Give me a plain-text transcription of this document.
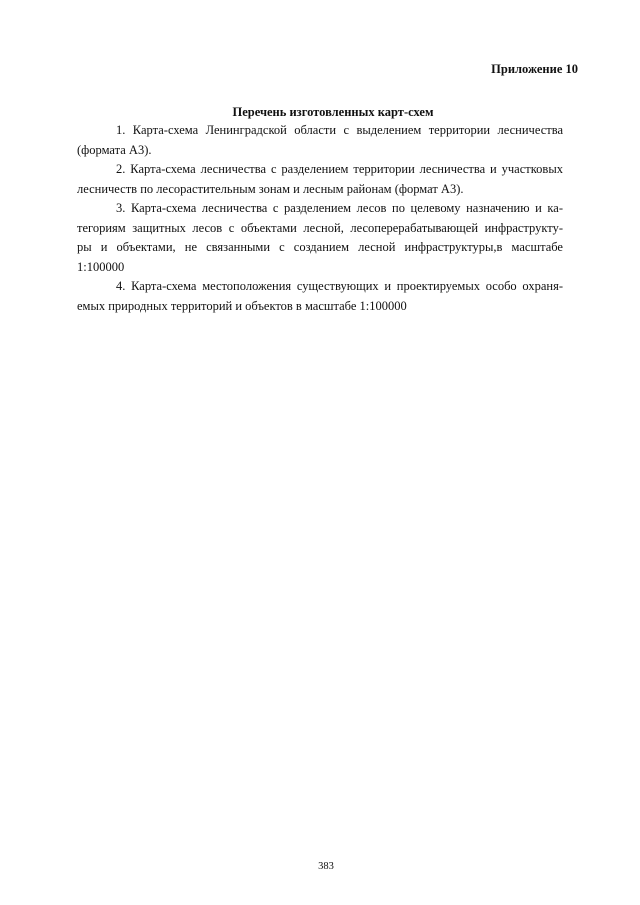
Приложение 10
Перечень изготовленных карт-схем

1. Карта-схема Ленинградской области с выделением территории лесничества
(формата А3).

2. Карта-схема лесничества с разделением территории лесничества и участковых
лесничеств по лесорастительным зонам и лесным районам (формат А3).

3. Карта-схема лесничества с разделением лесов по целевому назначению и ка-
тегориям защитных лесов с объектами лесной, лесоперерабатывающей инфраструкту-
ры и объектами, не связанными с созданием лесной инфраструктуры,в масштабе
1:100000

4. Карта-схема местоположения существующих и проектируемых особо охраня-
емых природных территорий и объектов в масштабе 1:100000

383
